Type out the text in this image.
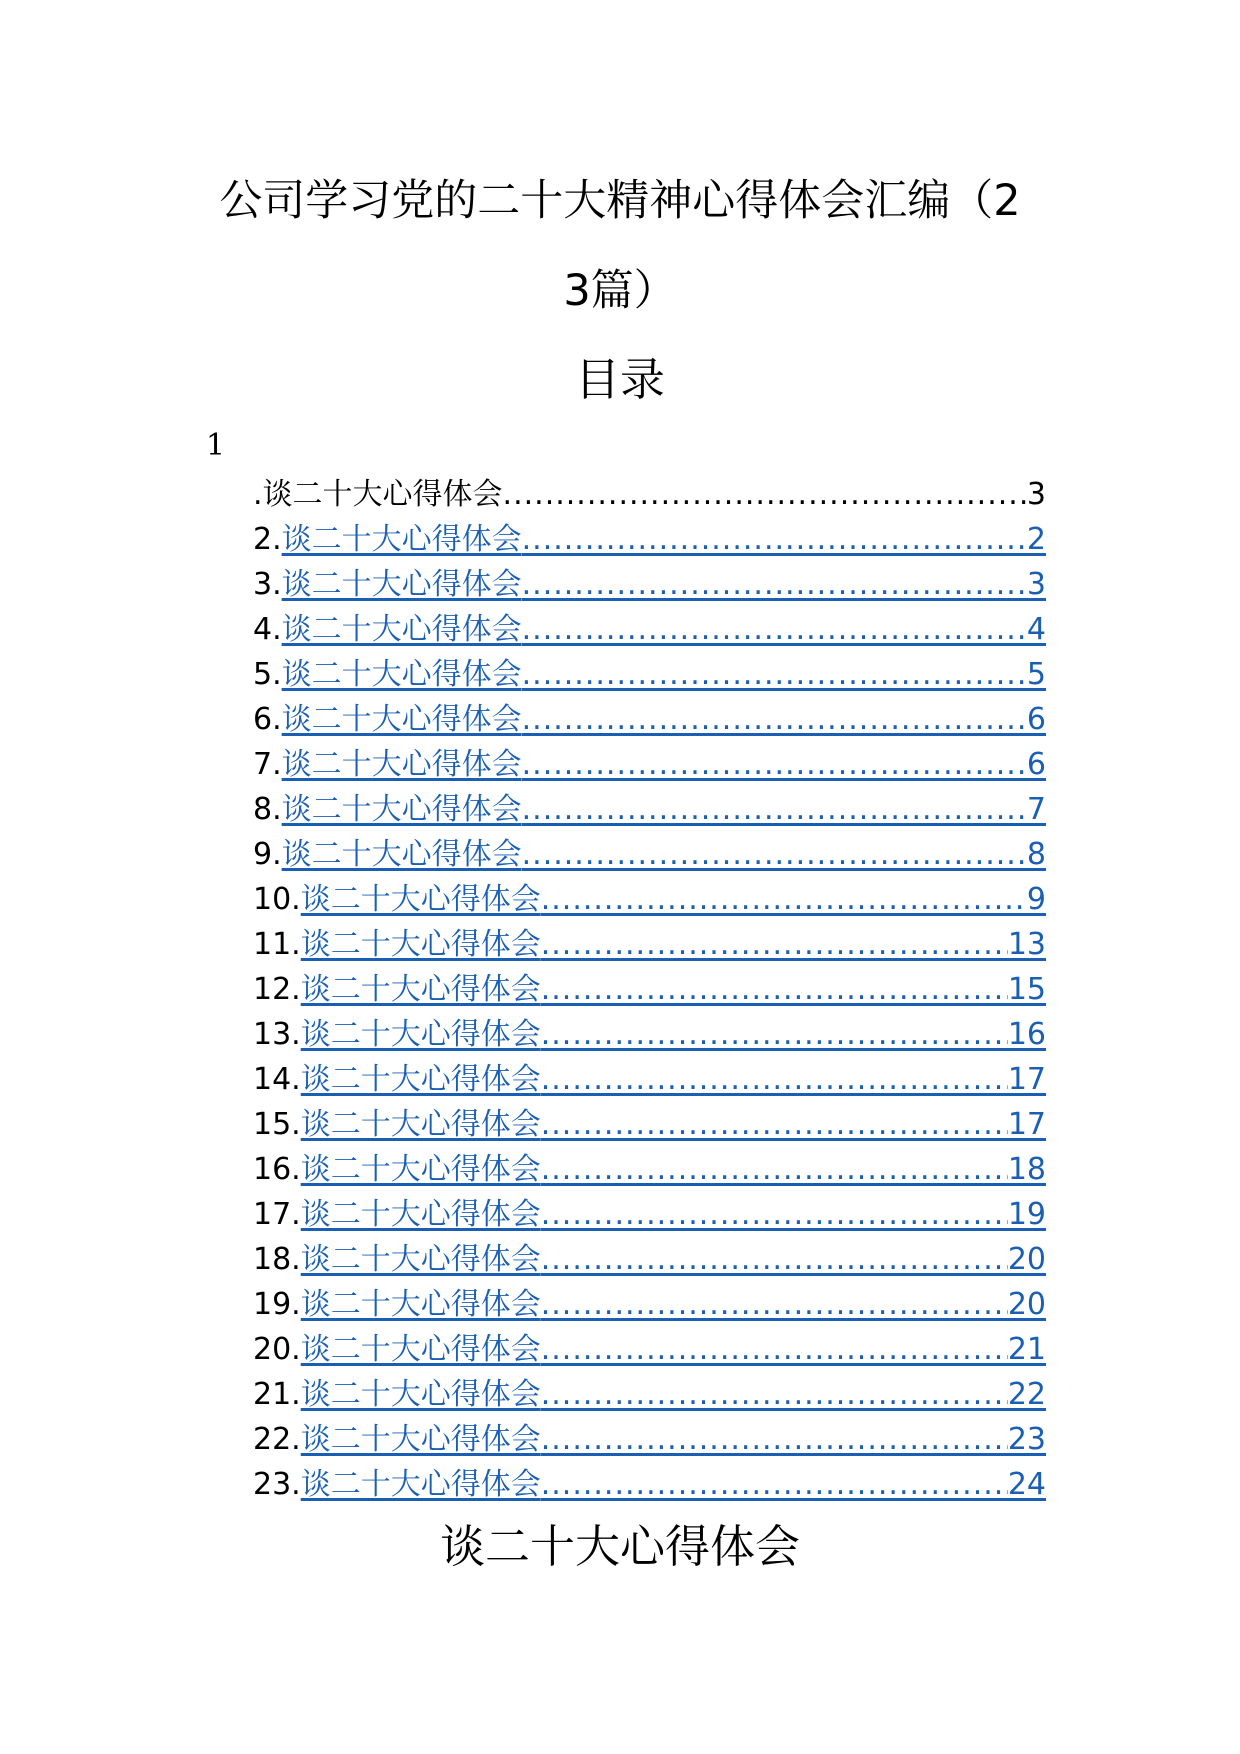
公司学习党的二十大精神心得体会汇编（2
3篇）
目录
1
.谈二十大心得体会 .....	3
2. 谈二十大心得体会 .....	2
3. 谈二十大心得体会 .....	3
4. 谈二十大心得体会 .....	4
5. 谈二十大心得体会 .....	5
6. 谈二十大心得体会 .....	6
7. 谈二十大心得体会 .....	6
8. 谈二十大心得体会 .....	7
9. 谈二十大心得体会 .....	8
10. 谈二十大心得体会 .....	9
11. 谈二十大心得体会 .....	13
12. 谈二十大心得体会 .....	15
13. 谈二十大心得体会 .....	16
14. 谈二十大心得体会 .....	17
15. 谈二十大心得体会 .....	17
16. 谈二十大心得体会 .....	18
17. 谈二十大心得体会 .....	19
18. 谈二十大心得体会 .....	20
19. 谈二十大心得体会 .....	20
20. 谈二十大心得体会 .....	21
21. 谈二十大心得体会 .....	22
22. 谈二十大心得体会 .....	23
23. 谈二十大心得体会 .....	24
谈二十大心得体会
